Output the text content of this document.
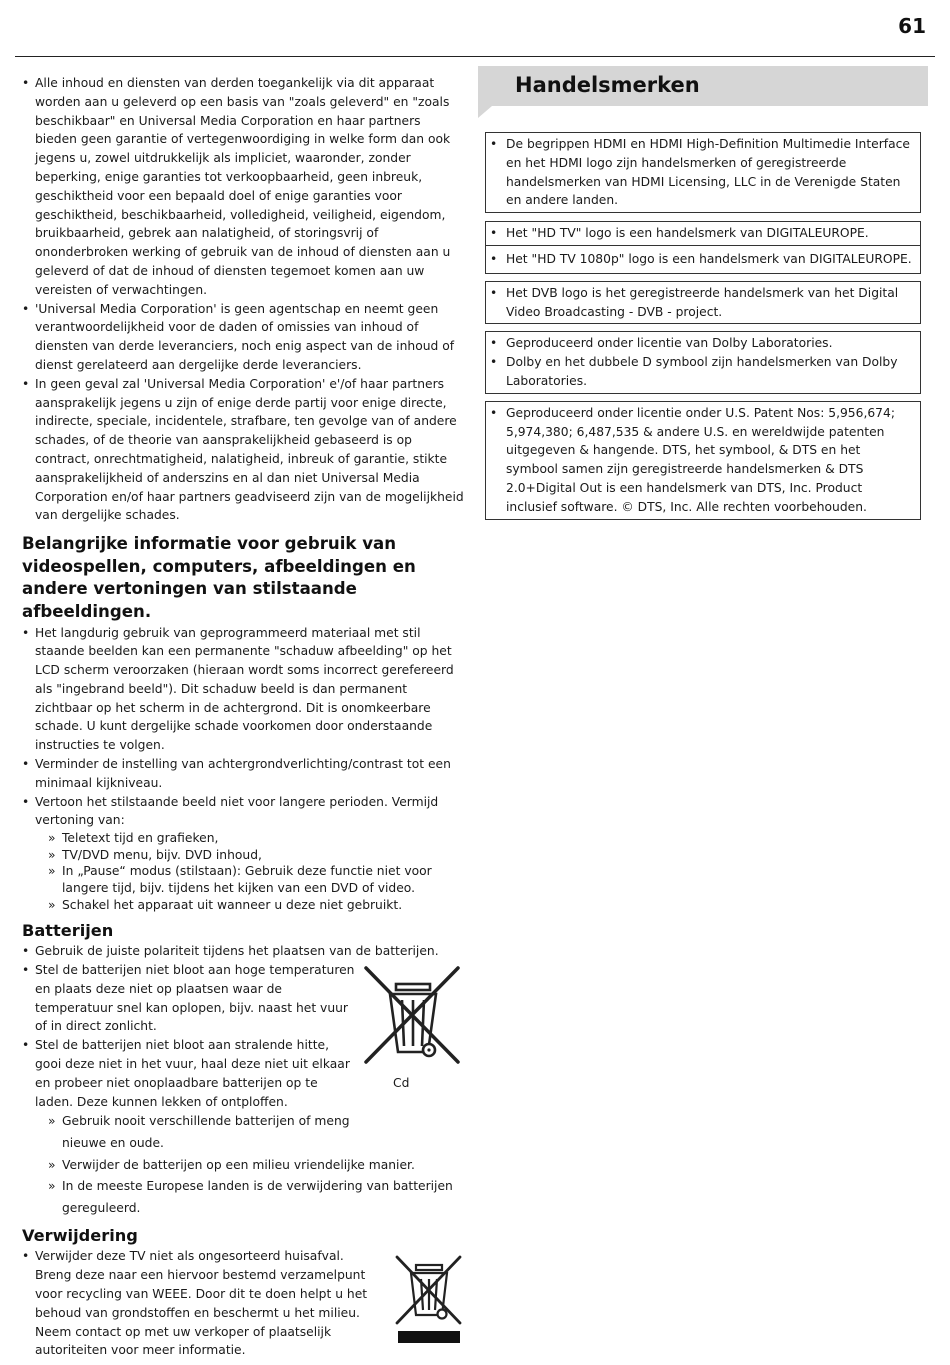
61
• Alle inhoud en diensten van derden toegankelijk via dit apparaat worden aan u geleverd op een basis van "zoals geleverd" en "zoals beschikbaar" en Universal Media Corporation en haar partners bieden geen garantie of vertegenwoordiging in welke form dan ook jegens u, zowel uitdrukkelijk als impliciet, waaronder, zonder beperking, enige garanties tot verkoopbaarheid, geen inbreuk, geschiktheid voor een bepaald doel of enige garanties voor geschiktheid, beschikbaarheid, volledigheid, veiligheid, eigendom, bruikbaarheid, gebrek aan nalatigheid, of storingsvrij of ononderbroken werking of gebruik van de inhoud of diensten aan u geleverd of dat de inhoud of diensten tegemoet komen aan uw vereisten of verwachtingen.
• 'Universal Media Corporation' is geen agentschap en neemt geen verantwoordelijkheid voor de daden of omissies van inhoud of diensten van derde leveranciers, noch enig aspect van de inhoud of dienst gerelateerd aan dergelijke derde leveranciers.
• In geen geval zal 'Universal Media Corporation' e'/of haar partners aansprakelijk jegens u zijn of enige derde partij voor enige directe, indirecte, speciale, incidentele, strafbare, ten gevolge van of andere schades, of de theorie van aansprakelijkheid gebaseerd is op contract, onrechtmatigheid, nalatigheid, inbreuk of garantie, stikte aansprakelijkheid of anderszins en al dan niet Universal Media Corporation en/of haar partners geadviseerd zijn van de mogelijkheid van dergelijke schades.
Belangrijke informatie voor gebruik van videospellen, computers, afbeeldingen en andere vertoningen van stilstaande afbeeldingen.
• Het langdurig gebruik van geprogrammeerd materiaal met stil staande beelden kan een permanente "schaduw afbeelding" op het LCD scherm veroorzaken (hieraan wordt soms incorrect gerefereerd als "ingebrand beeld"). Dit schaduw beeld is dan permanent zichtbaar op het scherm in de achtergrond. Dit is onomkeerbare schade. U kunt dergelijke schade voorkomen door onderstaande instructies te volgen.
• Verminder de instelling van achtergrondverlichting/contrast tot een minimaal kijkniveau.
• Vertoon het stilstaande beeld niet voor langere perioden. Vermijd vertoning van:
» Teletext tijd en grafieken,
» TV/DVD menu, bijv. DVD inhoud,
» In „Pause“ modus (stilstaan): Gebruik deze functie niet voor langere tijd, bijv. tijdens het kijken van een DVD of video.
» Schakel het apparaat uit wanneer u deze niet gebruikt.
Batterijen
• Gebruik de juiste polariteit tijdens het plaatsen van de batterijen.
• Stel de batterijen niet bloot aan hoge temperaturen en plaats deze niet op plaatsen waar de temperatuur snel kan oplopen, bijv. naast het vuur of in direct zonlicht.
• Stel de batterijen niet bloot aan stralende hitte, gooi deze niet in het vuur, haal deze niet uit elkaar en probeer niet onoplaadbare batterijen op te laden. Deze kunnen lekken of ontploffen.
» Gebruik nooit verschillende batterijen of meng nieuwe en oude.
» Verwijder de batterijen op een milieu vriendelijke manier.
» In de meeste Europese landen is de verwijdering van batterijen gereguleerd.
Cd
Verwijdering
• Verwijder deze TV niet als ongesorteerd huisafval. Breng deze naar een hiervoor bestemd verzamelpunt voor recycling van WEEE. Door dit te doen helpt u het behoud van grondstoffen en beschermt u het milieu. Neem contact op met uw verkoper of plaatselijk autoriteiten voor meer informatie.
Handelsmerken
• De begrippen HDMI en HDMI High-Definition Multimedie Interface en het HDMI logo zijn handelsmerken of geregistreerde handelsmerken van HDMI Licensing, LLC in de Verenigde Staten en andere landen.
• Het "HD TV" logo is een handelsmerk van DIGITALEUROPE.
• Het "HD TV 1080p" logo is een handelsmerk van DIGITALEUROPE.
• Het DVB logo is het geregistreerde handelsmerk van het Digital Video Broadcasting - DVB - project.
• Geproduceerd onder licentie van Dolby Laboratories.
• Dolby en het dubbele D symbool zijn handelsmerken van Dolby Laboratories.
• Geproduceerd onder licentie onder U.S. Patent Nos: 5,956,674; 5,974,380; 6,487,535 & andere U.S. en wereldwijde patenten uitgegeven & hangende. DTS, het symbool, & DTS en het symbool samen zijn geregistreerde handelsmerken & DTS 2.0+Digital Out is een handelsmerk van DTS, Inc. Product inclusief software. © DTS, Inc. Alle rechten voorbehouden.
